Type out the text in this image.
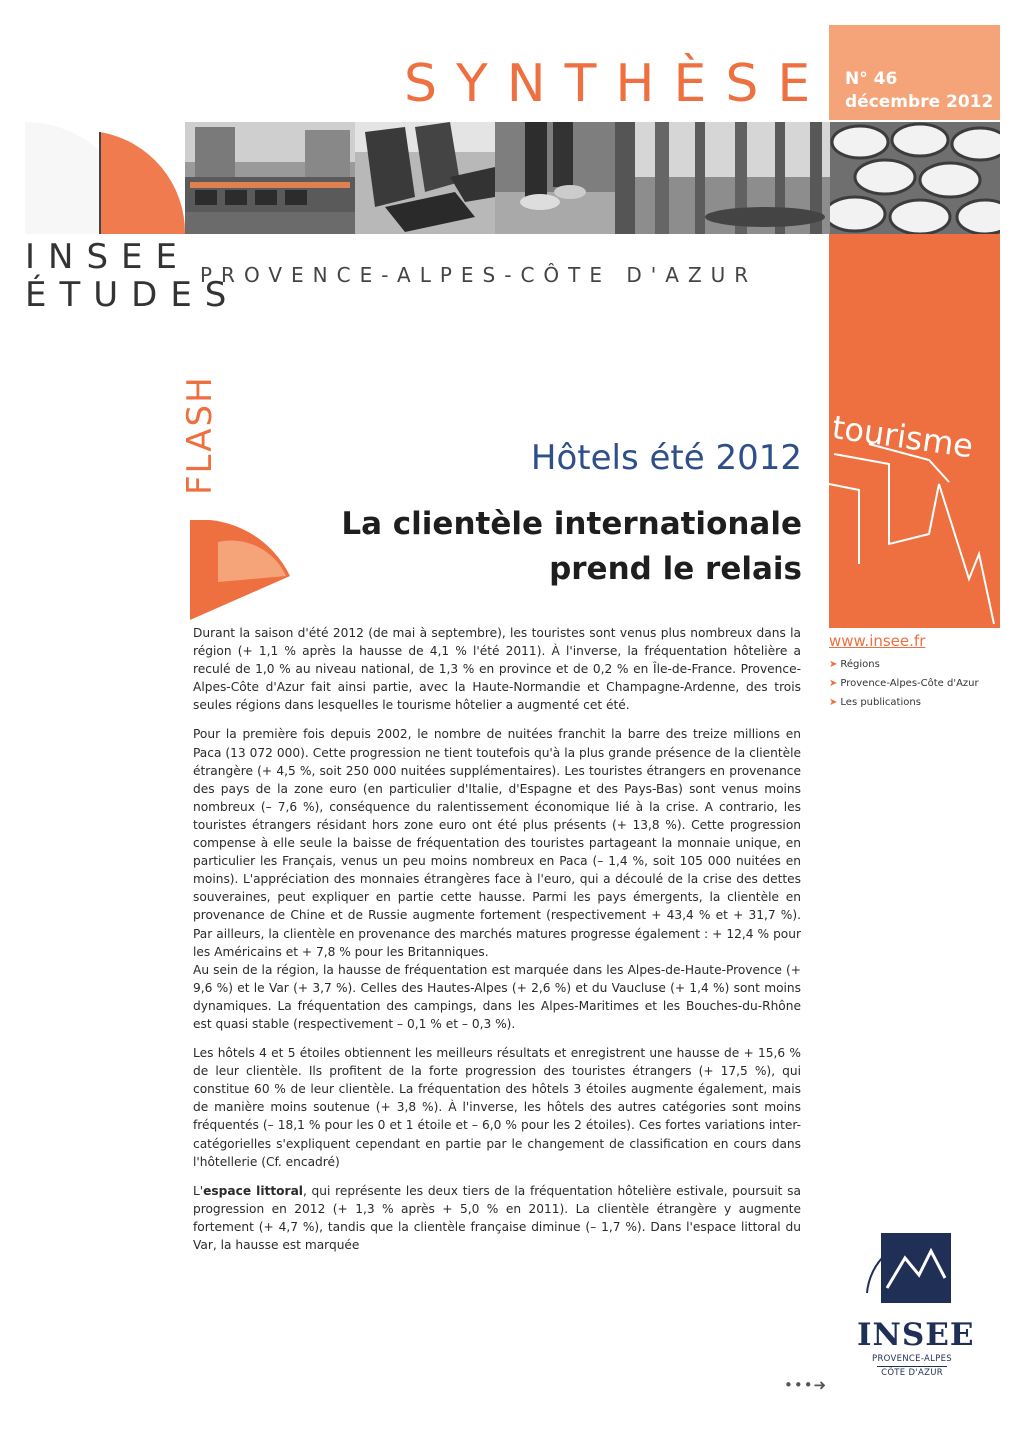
SYNTHÈSE N° 46
décembre 2012
INSEE
ÉTUDES
PROVENCE-ALPES-CÔTE D'AZUR
tourisme
www.insee.fr
➤ Régions
➤ Provence-Alpes-Côte d'Azur
➤ Les publications
FLASH	Hôtels été 2012
La clientèle internationale
prend le relais

Durant la saison d'été 2012 (de mai à septembre), les touristes sont venus plus nombreux dans la région (+ 1,1 % après la hausse de 4,1 % l'été 2011). À l'inverse, la fréquentation hôtelière a reculé de 1,0 % au niveau national, de 1,3 % en province et de 0,2 % en Île-de-France. Provence-Alpes-Côte d'Azur fait ainsi partie, avec la Haute-Normandie et Champagne-Ardenne, des trois seules régions dans lesquelles le tourisme hôtelier a augmenté cet été.

Pour la première fois depuis 2002, le nombre de nuitées franchit la barre des treize millions en Paca (13 072 000). Cette progression ne tient toutefois qu'à la plus grande présence de la clientèle étrangère (+ 4,5 %, soit 250 000 nuitées supplémentaires). Les touristes étrangers en provenance des pays de la zone euro (en particulier d'Italie, d'Espagne et des Pays-Bas) sont venus moins nombreux (– 7,6 %), conséquence du ralentissement économique lié à la crise. A contrario, les touristes étrangers résidant hors zone euro ont été plus présents (+ 13,8 %). Cette progression compense à elle seule la baisse de fréquentation des touristes partageant la monnaie unique, en particulier les Français, venus un peu moins nombreux en Paca (– 1,4 %, soit 105 000 nuitées en moins). L'appréciation des monnaies étrangères face à l'euro, qui a découlé de la crise des dettes souveraines, peut expliquer en partie cette hausse. Parmi les pays émergents, la clientèle en provenance de Chine et de Russie augmente fortement (respectivement + 43,4 % et + 31,7 %). Par ailleurs, la clientèle en provenance des marchés matures progresse également : + 12,4 % pour les Américains et + 7,8 % pour les Britanniques.

Au sein de la région, la hausse de fréquentation est marquée dans les Alpes-de-Haute-Provence (+ 9,6 %) et le Var (+ 3,7 %). Celles des Hautes-Alpes (+ 2,6 %) et du Vaucluse (+ 1,4 %) sont moins dynamiques. La fréquentation des campings, dans les Alpes-Maritimes et les Bouches-du-Rhône est quasi stable (respectivement – 0,1 % et – 0,3 %).

Les hôtels 4 et 5 étoiles obtiennent les meilleurs résultats et enregistrent une hausse de + 15,6 % de leur clientèle. Ils profitent de la forte progression des touristes étrangers (+ 17,5 %), qui constitue 60 % de leur clientèle. La fréquentation des hôtels 3 étoiles augmente également, mais de manière moins soutenue (+ 3,8 %). À l'inverse, les hôtels des autres catégories sont moins fréquentés (– 18,1 % pour les 0 et 1 étoile et – 6,0 % pour les 2 étoiles). Ces fortes variations inter-catégorielles s'expliquent cependant en partie par le changement de classification en cours dans l'hôtellerie (Cf. encadré)

L'espace littoral, qui représente les deux tiers de la fréquentation hôtelière estivale, poursuit sa progression en 2012 (+ 1,3 % après + 5,0 % en 2011). La clientèle étrangère y augmente fortement (+ 4,7 %), tandis que la clientèle française diminue (– 1,7 %). Dans l'espace littoral du Var, la hausse est marquée

•••➜
INSEE
PROVENCE-ALPES
CÔTE D'AZUR
